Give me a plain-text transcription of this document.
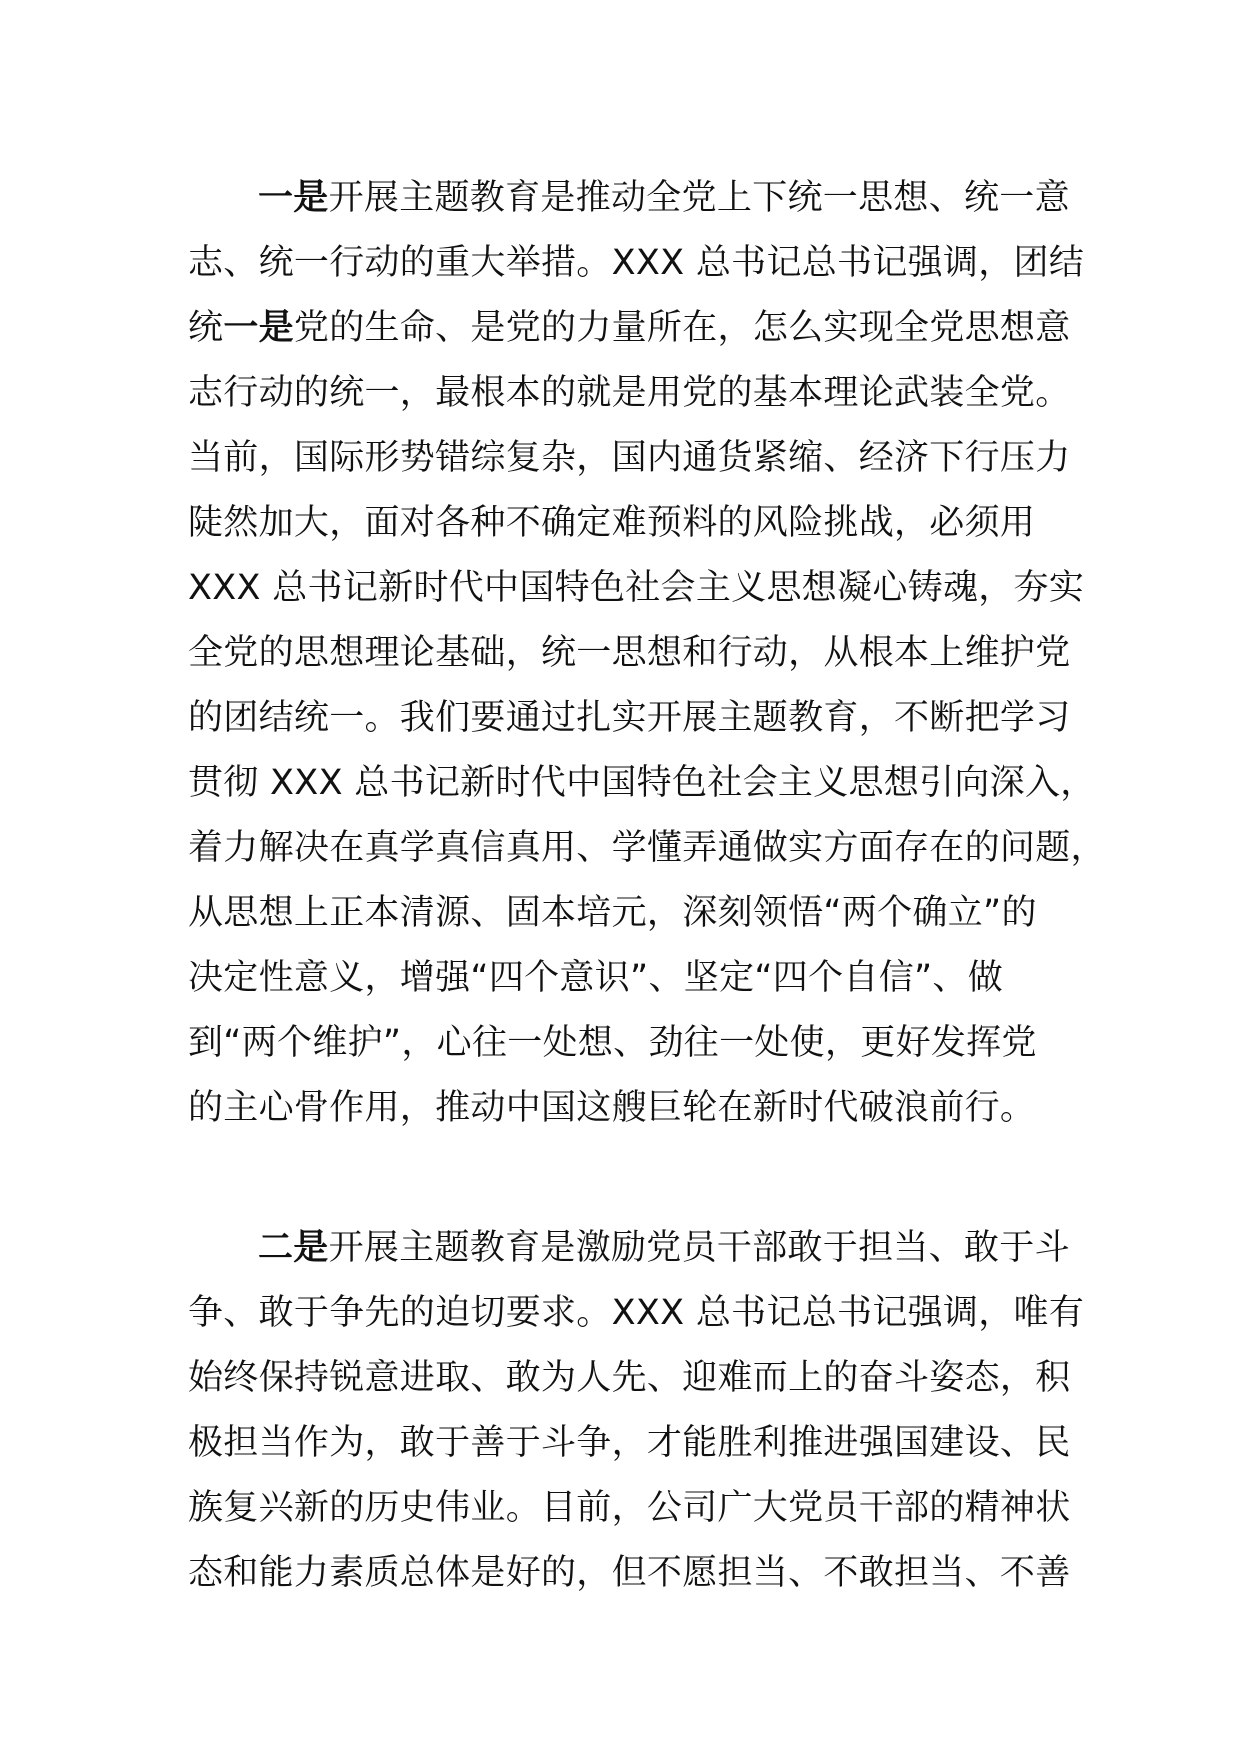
一是开展主题教育是推动全党上下统一思想、统一意
志、统一行动的重大举措。XXX 总书记总书记强调，团结
统一是党的生命、是党的力量所在，怎么实现全党思想意
志行动的统一，最根本的就是用党的基本理论武装全党。
当前，国际形势错综复杂，国内通货紧缩、经济下行压力
陡然加大，面对各种不确定难预料的风险挑战，必须用
XXX 总书记新时代中国特色社会主义思想凝心铸魂，夯实
全党的思想理论基础，统一思想和行动，从根本上维护党
的团结统一。我们要通过扎实开展主题教育，不断把学习
贯彻 XXX 总书记新时代中国特色社会主义思想引向深入，
着力解决在真学真信真用、学懂弄通做实方面存在的问题，
从思想上正本清源、固本培元，深刻领悟“两个确立”的
决定性意义，增强“四个意识”、坚定“四个自信”、做
到“两个维护”，心往一处想、劲往一处使，更好发挥党
的主心骨作用，推动中国这艘巨轮在新时代破浪前行。
二是开展主题教育是激励党员干部敢于担当、敢于斗
争、敢于争先的迫切要求。XXX 总书记总书记强调，唯有
始终保持锐意进取、敢为人先、迎难而上的奋斗姿态，积
极担当作为，敢于善于斗争，才能胜利推进强国建设、民
族复兴新的历史伟业。目前，公司广大党员干部的精神状
态和能力素质总体是好的，但不愿担当、不敢担当、不善
